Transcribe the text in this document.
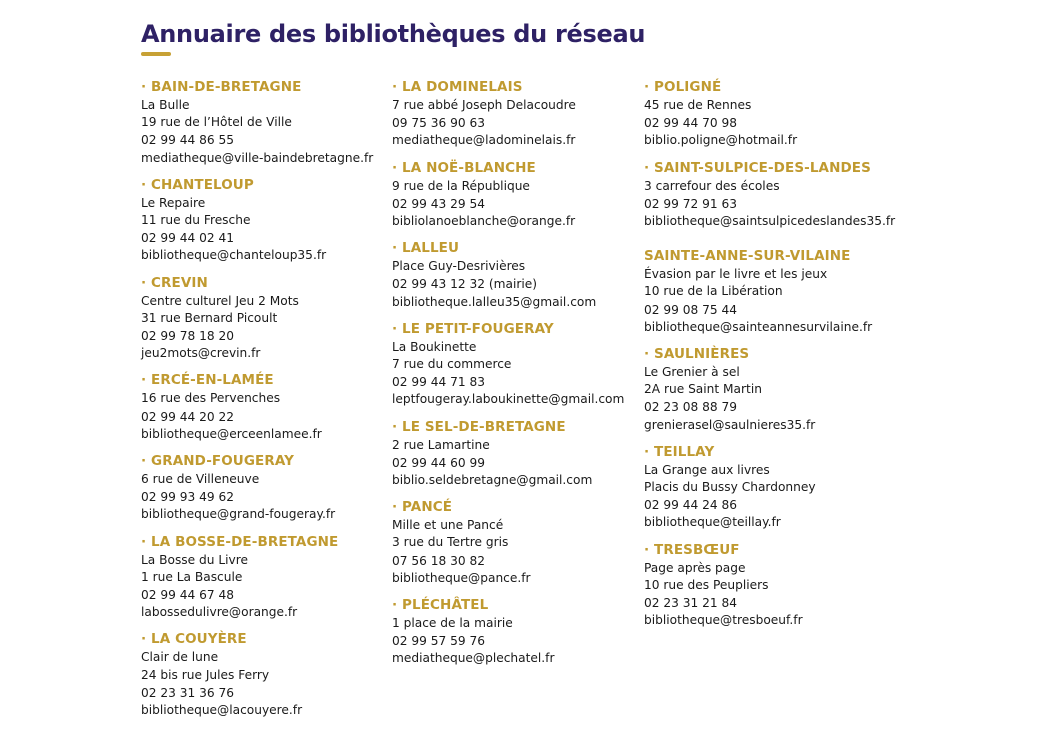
Annuaire des bibliothèques du réseau
· BAIN-DE-BRETAGNE
La Bulle
19 rue de l’Hôtel de Ville
02 99 44 86 55
mediatheque@ville-baindebretagne.fr
· CHANTELOUP
Le Repaire
11 rue du Fresche
02 99 44 02 41
bibliotheque@chanteloup35.fr
· CREVIN
Centre culturel Jeu 2 Mots
31 rue Bernard Picoult
02 99 78 18 20
jeu2mots@crevin.fr
· ERCÉ-EN-LAMÉE
16 rue des Pervenches
02 99 44 20 22
bibliotheque@erceenlamee.fr
· GRAND-FOUGERAY
6 rue de Villeneuve
02 99 93 49 62
bibliotheque@grand-fougeray.fr
· LA BOSSE-DE-BRETAGNE
La Bosse du Livre
1 rue La Bascule
02 99 44 67 48
labossedulivre@orange.fr
· LA COUYÈRE
Clair de lune
24 bis rue Jules Ferry
02 23 31 36 76
bibliotheque@lacouyere.fr
· LA DOMINELAIS
7 rue abbé Joseph Delacoudre
09 75 36 90 63
mediatheque@ladominelais.fr
· LA NOË-BLANCHE
9 rue de la République
02 99 43 29 54
bibliolanoeblanche@orange.fr
· LALLEU
Place Guy-Desrivières
02 99 43 12 32 (mairie)
bibliotheque.lalleu35@gmail.com
· LE PETIT-FOUGERAY
La Boukinette
7 rue du commerce
02 99 44 71 83
leptfougeray.laboukinette@gmail.com
· LE SEL-DE-BRETAGNE
2 rue Lamartine
02 99 44 60 99
biblio.seldebretagne@gmail.com
· PANCÉ
Mille et une Pancé
3 rue du Tertre gris
07 56 18 30 82
bibliotheque@pance.fr
· PLÉCHÂTEL
1 place de la mairie
02 99 57 59 76
mediatheque@plechatel.fr
· POLIGNÉ
45 rue de Rennes
02 99 44 70 98
biblio.poligne@hotmail.fr
· SAINT-SULPICE-DES-LANDES
3 carrefour des écoles
02 99 72 91 63
bibliotheque@saintsulpicedeslandes35.fr
SAINTE-ANNE-SUR-VILAINE
Évasion par le livre et les jeux
10 rue de la Libération
02 99 08 75 44
bibliotheque@sainteannesurvilaine.fr
· SAULNIÈRES
Le Grenier à sel
2A rue Saint Martin
02 23 08 88 79
grenierasel@saulnieres35.fr
· TEILLAY
La Grange aux livres
Placis du Bussy Chardonney
02 99 44 24 86
bibliotheque@teillay.fr
· TRESBŒUF
Page après page
10 rue des Peupliers
02 23 31 21 84
bibliotheque@tresboeuf.fr
